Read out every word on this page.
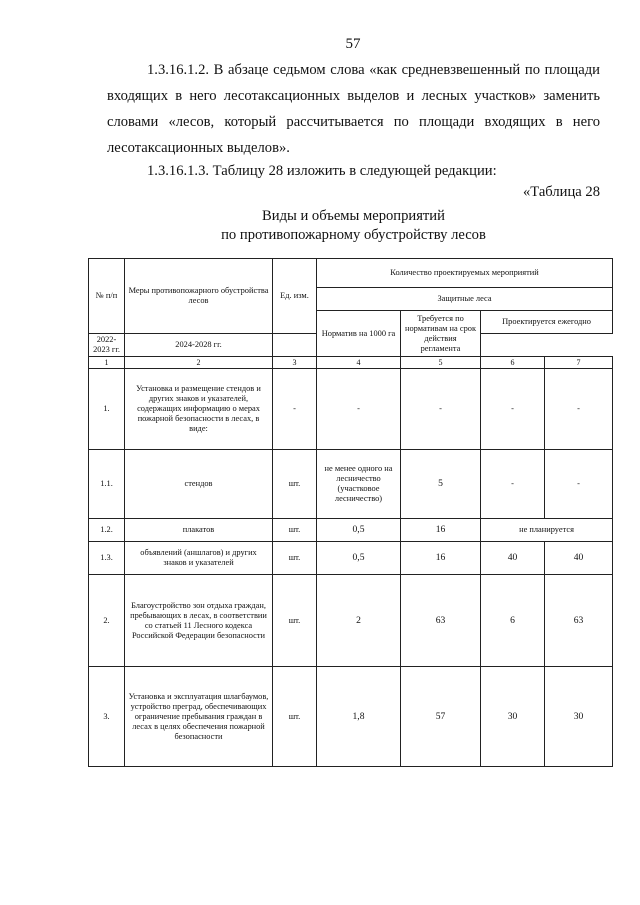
57
1.3.16.1.2. В абзаце седьмом слова «как средневзвешенный по площади входящих в него лесотаксационных выделов и лесных участков» заменить словами «лесов, который рассчитывается по площади входящих в него лесотаксационных выделов».
1.3.16.1.3. Таблицу 28 изложить в следующей редакции:
«Таблица 28
Виды и объемы мероприятий
по противопожарному обустройству лесов
№ п/п	Меры противопожарного обустройства лесов	Ед. изм.	Количество проектируемых мероприятий			
			Защитные леса			
			Норматив на 1000 га	Требуется по нормативам на срок действия регламента	Проектируется ежегодно	
2022-2023 гг.	2024-2028 гг.					
1	2	3	4	5	6	7
1.	Установка и размещение стендов и других знаков и указателей, содержащих информацию о мерах пожарной безопасности в лесах, в виде:	-	-	-	-	-
1.1.	стендов	шт.	не менее одного на лесничество (участковое лесничество)	5	-	-
1.2.	плакатов	шт.	0,5	16	не планируется	
1.3.	объявлений (аншлагов) и других знаков и указателей	шт.	0,5	16	40	40
2.	Благоустройство зон отдыха граждан, пребывающих в лесах, в соответствии со статьей 11 Лесного кодекса Российской Федерации безопасности	шт.	2	63	6	63
3.	Установка и эксплуатация шлагбаумов, устройство преград, обеспечивающих ограничение пребывания граждан в лесах в целях обеспечения пожарной безопасности	шт.	1,8	57	30	30
